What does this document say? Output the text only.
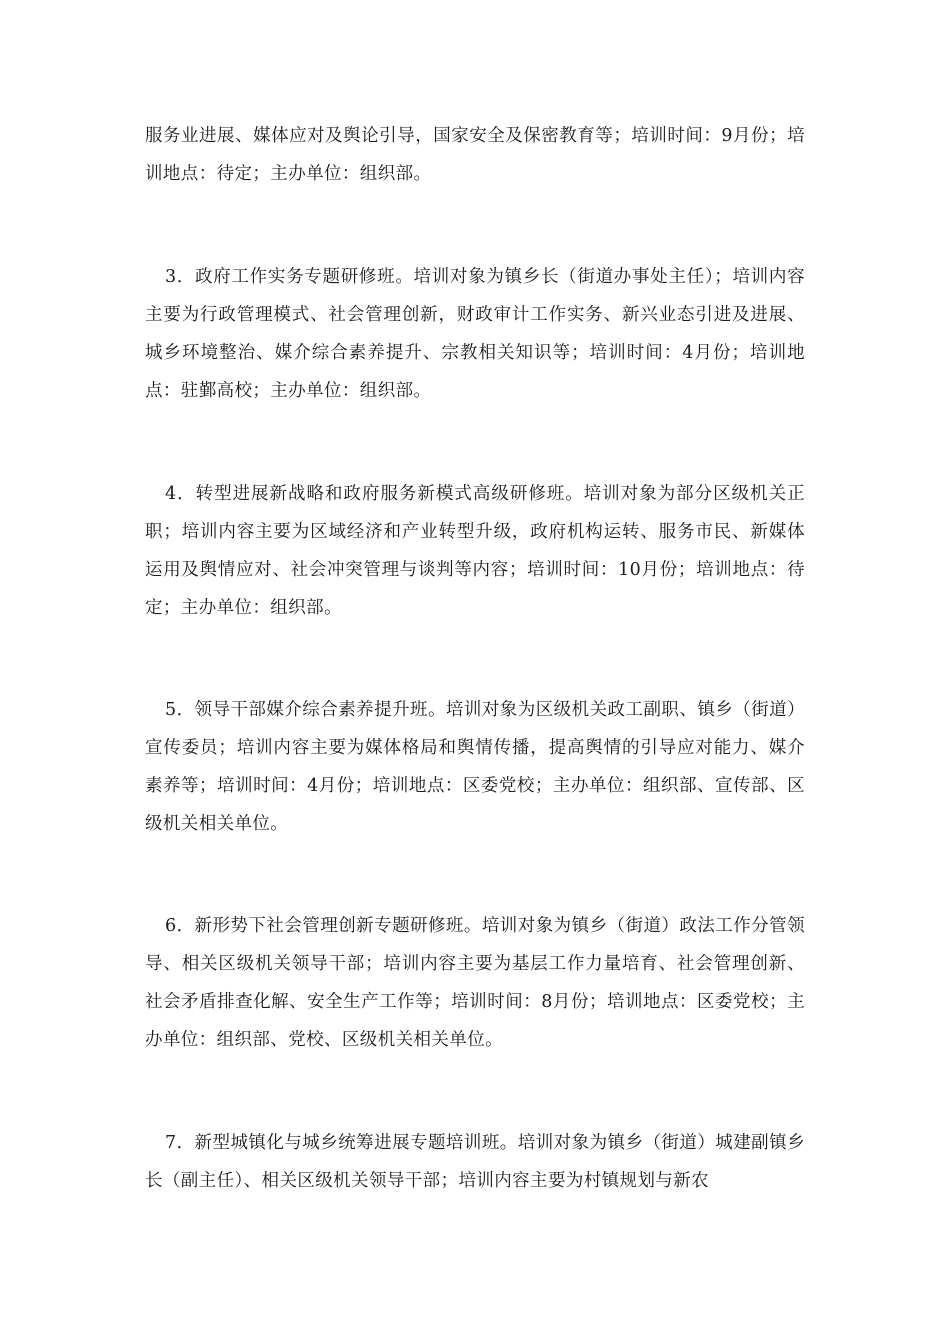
服务业进展、媒体应对及舆论引导，国家安全及保密教育等；培训时间：9月份；培训地点：待定；主办单位：组织部。

3．政府工作实务专题研修班。培训对象为镇乡长（街道办事处主任）；培训内容主要为行政管理模式、社会管理创新，财政审计工作实务、新兴业态引进及进展、城乡环境整治、媒介综合素养提升、宗教相关知识等；培训时间：4月份；培训地点：驻鄞高校；主办单位：组织部。

4．转型进展新战略和政府服务新模式高级研修班。培训对象为部分区级机关正职；培训内容主要为区域经济和产业转型升级，政府机构运转、服务市民、新媒体运用及舆情应对、社会冲突管理与谈判等内容；培训时间：10月份；培训地点：待定；主办单位：组织部。

5．领导干部媒介综合素养提升班。培训对象为区级机关政工副职、镇乡（街道）宣传委员；培训内容主要为媒体格局和舆情传播，提高舆情的引导应对能力、媒介素养等；培训时间：4月份；培训地点：区委党校；主办单位：组织部、宣传部、区级机关相关单位。

6．新形势下社会管理创新专题研修班。培训对象为镇乡（街道）政法工作分管领导、相关区级机关领导干部；培训内容主要为基层工作力量培育、社会管理创新、社会矛盾排查化解、安全生产工作等；培训时间：8月份；培训地点：区委党校；主办单位：组织部、党校、区级机关相关单位。

7．新型城镇化与城乡统筹进展专题培训班。培训对象为镇乡（街道）城建副镇乡长（副主任）、相关区级机关领导干部；培训内容主要为村镇规划与新农
